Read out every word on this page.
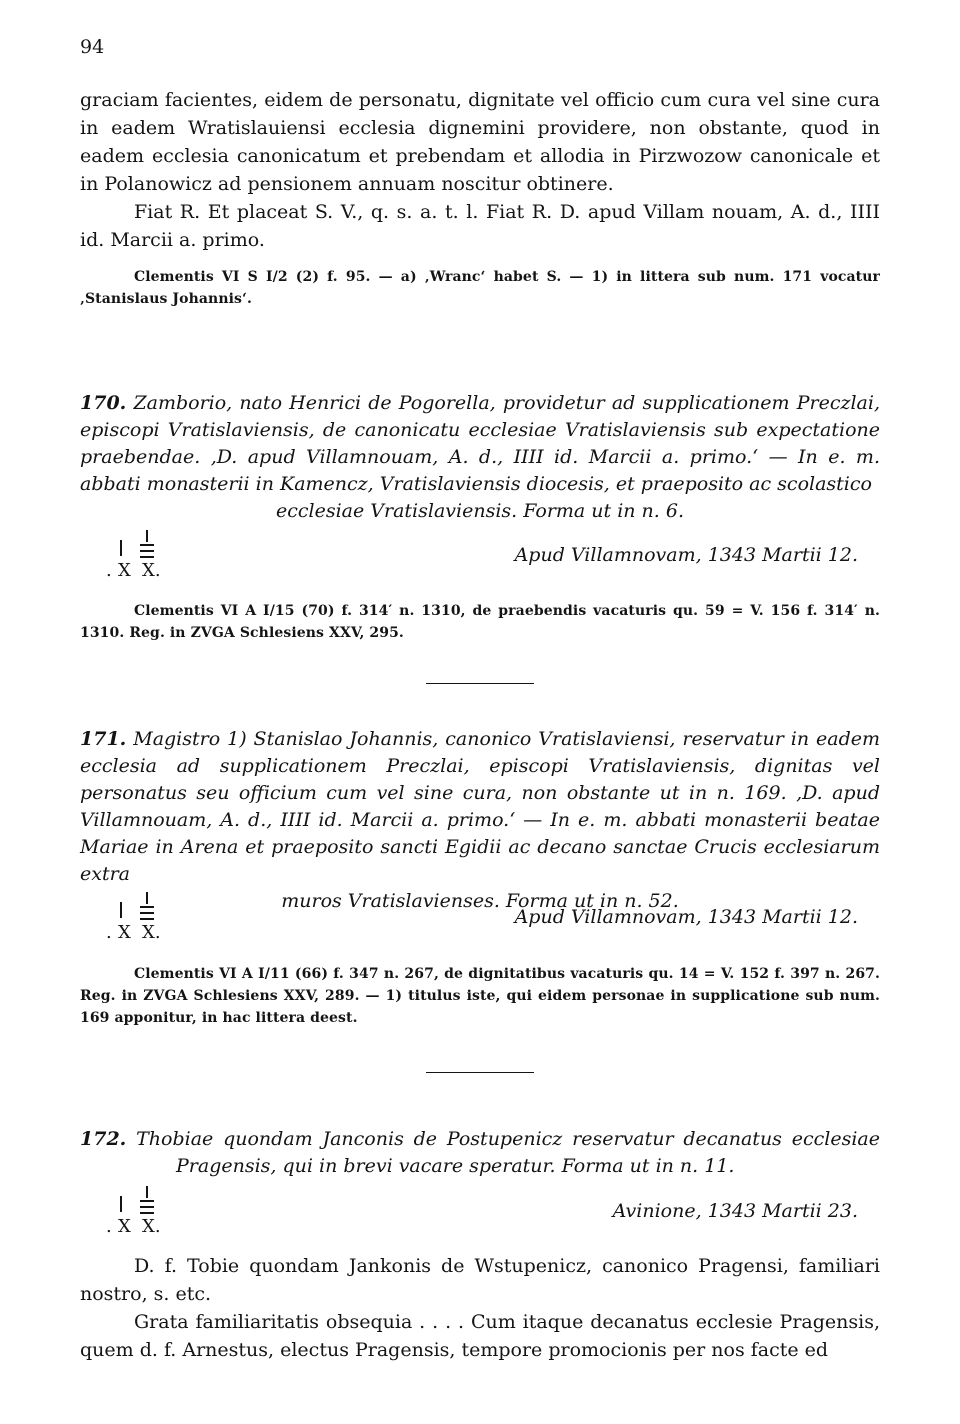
94

graciam facientes, eidem de personatu, dignitate vel officio cum cura vel sine cura in eadem Wratislauiensi ecclesia dignemini providere, non obstante, quod in eadem ecclesia canonicatum et prebendam et allodia in Pirzwozow canonicale et in Polanowicz ad pensionem annuam noscitur obtinere.

Fiat R. Et placeat S. V., q. s. a. t. l. Fiat R. D. apud Villam nouam, A. d., IIII id. Marcii a. primo.

Clementis VI S I/2 (2) f. 95. — a) ‚Wranc‘ habet S. — 1) in littera sub num. 171 vocatur ‚Stanislaus Johannis‘.

170. Zamborio, nato Henrici de Pogorella, providetur ad supplicationem Preczlai, episcopi Vratislaviensis, de canonicatu ecclesiae Vratislaviensis sub expectatione praebendae. ‚D. apud Villamnouam, A. d., IIII id. Marcii a. primo.‘ — In e. m. abbati monasterii in Kamencz, Vratislaviensis diocesis, et praeposito ac scolastico

ecclesiae Vratislaviensis. Forma ut in n. 6.

. X X.
Apud Villamnovam, 1343 Martii 12.

Clementis VI A I/15 (70) f. 314′ n. 1310, de praebendis vacaturis qu. 59 = V. 156 f. 314′ n. 1310. Reg. in ZVGA Schlesiens XXV, 295.

171. Magistro 1) Stanislao Johannis, canonico Vratislaviensi, reservatur in eadem ecclesia ad supplicationem Preczlai, episcopi Vratislaviensis, dignitas vel personatus seu officium cum vel sine cura, non obstante ut in n. 169. ‚D. apud Villamnouam, A. d., IIII id. Marcii a. primo.‘ — In e. m. abbati monasterii beatae Mariae in Arena et praeposito sancti Egidii ac decano sanctae Crucis ecclesiarum extra

muros Vratislavienses. Forma ut in n. 52.

. X X.
Apud Villamnovam, 1343 Martii 12.

Clementis VI A I/11 (66) f. 347 n. 267, de dignitatibus vacaturis qu. 14 = V. 152 f. 397 n. 267. Reg. in ZVGA Schlesiens XXV, 289. — 1) titulus iste, qui eidem personae in supplicatione sub num. 169 apponitur, in hac littera deest.

172. Thobiae quondam Janconis de Postupenicz reservatur decanatus ecclesiae Pragensis, qui in brevi vacare speratur. Forma ut in n. 11.

. X X.
Avinione, 1343 Martii 23.

D. f. Tobie quondam Jankonis de Wstupenicz, canonico Pragensi, familiari nostro, s. etc.

Grata familiaritatis obsequia . . . . Cum itaque decanatus ecclesie Pragensis, quem d. f. Arnestus, electus Pragensis, tempore promocionis per nos facte ed
